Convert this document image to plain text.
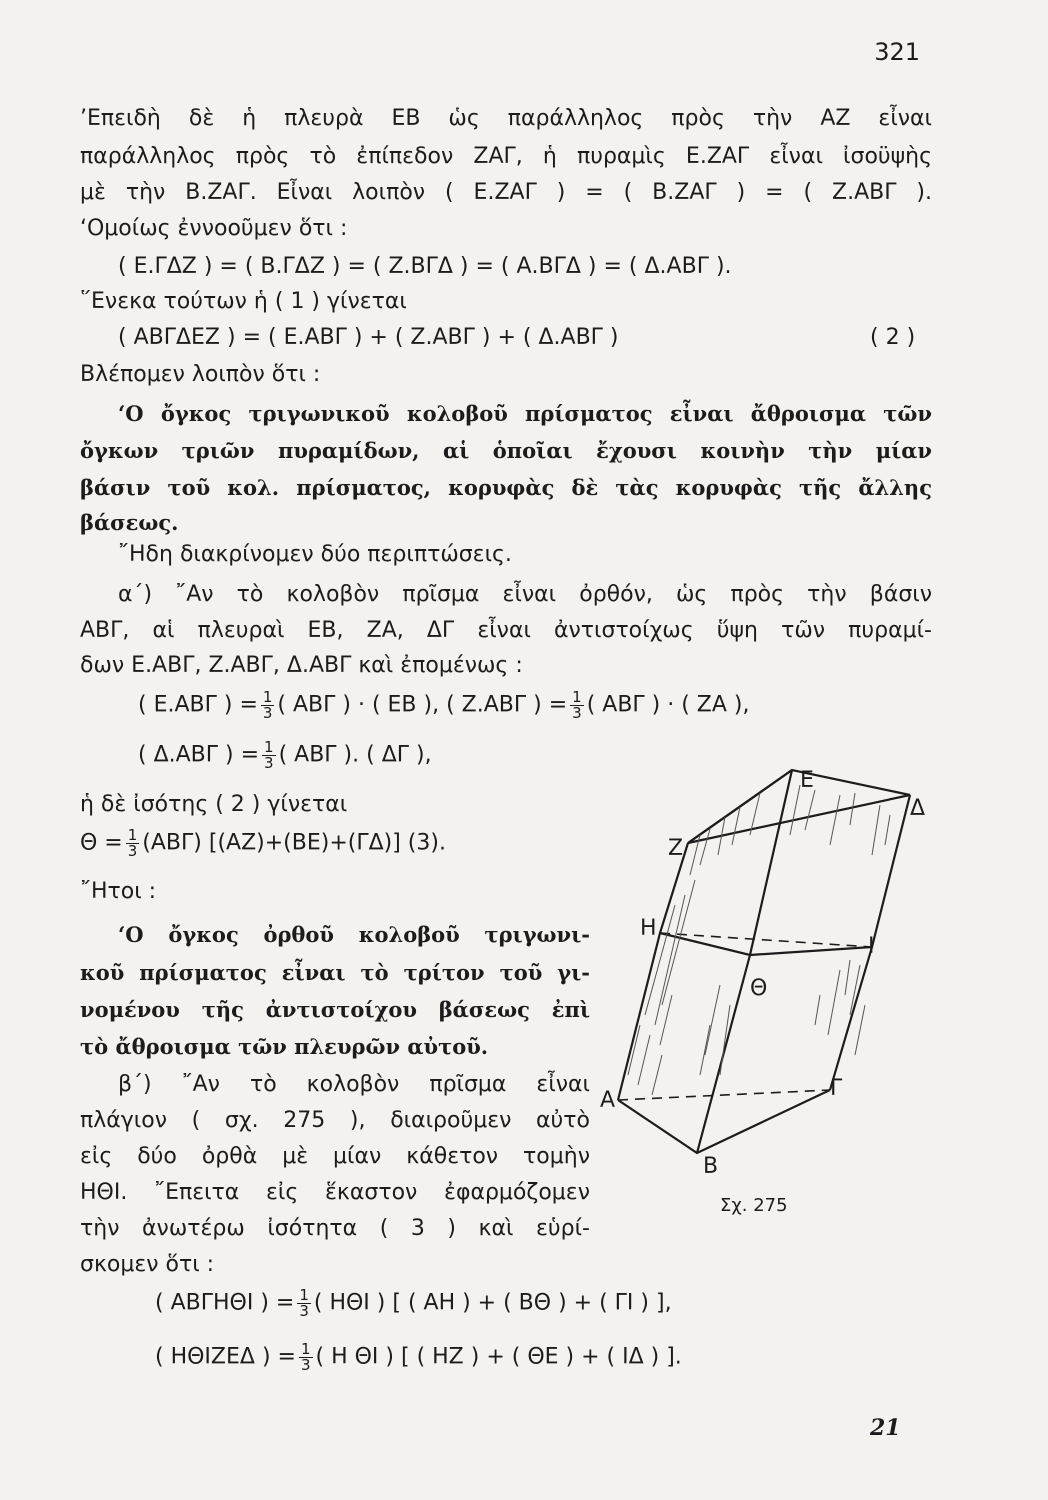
321
’Επειδὴ δὲ ἡ πλευρὰ ΕΒ ὡς παράλληλος πρὸς τὴν ΑΖ εἶναι
παράλληλος πρὸς τὸ ἐπίπεδον ΖΑΓ, ἡ πυραμὶς Ε.ΖΑΓ εἶναι ἰσοϋψὴς
μὲ τὴν Β.ΖΑΓ. Εἶναι λοιπὸν ( Ε.ΖΑΓ ) = ( Β.ΖΑΓ ) = ( Ζ.ΑΒΓ ).
‘Ομοίως ἐννοοῦμεν ὅτι :
( Ε.ΓΔΖ ) = ( Β.ΓΔΖ ) = ( Ζ.ΒΓΔ ) = ( Α.ΒΓΔ ) = ( Δ.ΑΒΓ ).
῞Ενεκα τούτων ἡ ( 1 ) γίνεται
( ΑΒΓΔΕΖ ) = ( Ε.ΑΒΓ ) + ( Ζ.ΑΒΓ ) + ( Δ.ΑΒΓ )	( 2 )
Βλέπομεν λοιπὸν ὅτι :
‘Ο ὄγκος τριγωνικοῦ κολοβοῦ πρίσματος εἶναι ἄθροισμα τῶν
ὄγκων τριῶν πυραμίδων, αἱ ὁποῖαι ἔχουσι κοινὴν τὴν μίαν
βάσιν τοῦ κολ. πρίσματος, κορυφὰς δὲ τὰς κορυφὰς τῆς ἄλλης
βάσεως.
῎Ηδη διακρίνομεν δύο περιπτώσεις.
α΄) ῎Αν τὸ κολοβὸν πρῖσμα εἶναι ὀρθόν, ὡς πρὸς τὴν βάσιν
ΑΒΓ, αἱ πλευραὶ ΕΒ, ΖΑ, ΔΓ εἶναι ἀντιστοίχως ὕψη τῶν πυραμί-
δων Ε.ΑΒΓ, Ζ.ΑΒΓ, Δ.ΑΒΓ καὶ ἐπομένως :
( Ε.ΑΒΓ ) = $\frac{1}{3}$ ( ΑΒΓ ) · ( ΕΒ ), ( Ζ.ΑΒΓ ) = $\frac{1}{3}$ ( ΑΒΓ ) · ( ΖΑ ),
( Δ.ΑΒΓ ) = $\frac{1}{3}$ ( ΑΒΓ ). ( ΔΓ ),
ἡ δὲ ἰσότης ( 2 ) γίνεται
$\Theta = \frac{1}{3} (AB\Gamma)$ [(ΑΖ)+(ΒΕ)+(ΓΔ)] (3).
῎Ητοι :
‘Ο ὄγκος ὀρθοῦ κολοβοῦ τριγωνι-
κοῦ πρίσματος εἶναι τὸ τρίτον τοῦ γι-
νομένου τῆς ἀντιστοίχου βάσεως ἐπὶ
τὸ ἄθροισμα τῶν πλευρῶν αὐτοῦ.
β΄) ῎Αν τὸ κολοβὸν πρῖσμα εἶναι
πλάγιον ( σχ. 275 ), διαιροῦμεν αὐτὸ
εἰς δύο ὀρθὰ μὲ μίαν κάθετον τομὴν
ΗΘΙ. ῎Επειτα εἰς ἕκαστον ἐφαρμόζομεν
τὴν ἀνωτέρω ἰσότητα ( 3 ) καὶ εὑρί-
σκομεν ὅτι :
( ΑΒΓΗΘΙ ) = $\frac{1}{3}$ ( ΗΘΙ ) [ ( ΑΗ ) + ( ΒΘ ) + ( ΓΙ ) ],
( ΗΘΙΖΕΔ ) = $\frac{1}{3}$ ( Η ΘΙ ) [ ( ΗΖ ) + ( ΘΕ ) + ( ΙΔ ) ].
Ε
Δ
Ζ
Η
Ι
Θ
Α	Γ
Β
Σχ. 275
21
